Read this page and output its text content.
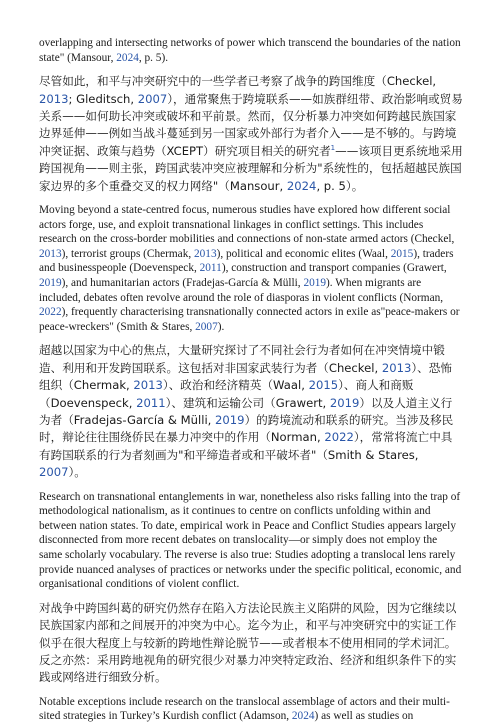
overlapping and intersecting networks of power which transcend the boundaries of the nation state" (Mansour, 2024, p. 5).

尽管如此，和平与冲突研究中的一些学者已考察了战争的跨国维度（Checkel, 2013; Gleditsch, 2007），通常聚焦于跨境联系——如族群纽带、政治影响或贸易关系——如何助长冲突或破坏和平前景。然而，仅分析暴力冲突如何跨越民族国家边界延伸——例如当战斗蔓延到另一国家或外部行为者介入——是不够的。与跨境冲突证据、政策与趋势（XCEPT）研究项目相关的研究者$^1$——该项目更系统地采用跨国视角——则主张，跨国武装冲突应被理解和分析为"系统性的，包括超越民族国家边界的多个重叠交叉的权力网络"（Mansour, 2024, p. 5）。

Moving beyond a state-centred focus, numerous studies have explored how different social actors forge, use, and exploit transnational linkages in conflict settings. This includes research on the cross-border mobilities and connections of non-state armed actors (Checkel, 2013), terrorist groups (Chermak, 2013), political and economic elites (Waal, 2015), traders and businesspeople (Doevenspeck, 2011), construction and transport companies (Grawert, 2019), and humanitarian actors (Fradejas-García & Mülli, 2019). When migrants are included, debates often revolve around the role of diasporas in violent conflicts (Norman, 2022), frequently characterising transnationally connected actors in exile as"peace-makers or peace-wreckers" (Smith & Stares, 2007).

超越以国家为中心的焦点，大量研究探讨了不同社会行为者如何在冲突情境中锻造、利用和开发跨国联系。这包括对非国家武装行为者（Checkel, 2013）、恐怖组织（Chermak, 2013）、政治和经济精英（Waal, 2015）、商人和商贩（Doevenspeck, 2011）、建筑和运输公司（Grawert, 2019）以及人道主义行为者（Fradejas-García & Mülli, 2019）的跨境流动和联系的研究。当涉及移民时，辩论往往围绕侨民在暴力冲突中的作用（Norman, 2022），常常将流亡中具有跨国联系的行为者刻画为"和平缔造者或和平破坏者"（Smith & Stares, 2007）。

Research on transnational entanglements in war, nonetheless also risks falling into the trap of methodological nationalism, as it continues to centre on conflicts unfolding within and between nation states. To date, empirical work in Peace and Conflict Studies appears largely disconnected from more recent debates on translocality—or simply does not employ the same scholarly vocabulary. The reverse is also true: Studies adopting a translocal lens rarely provide nuanced analyses of practices or networks under the specific political, economic, and organisational conditions of violent conflict.

对战争中跨国纠葛的研究仍然存在陷入方法论民族主义陷阱的风险，因为它继续以民族国家内部和之间展开的冲突为中心。迄今为止，和平与冲突研究中的实证工作似乎在很大程度上与较新的跨地性辩论脱节——或者根本不使用相同的学术词汇。反之亦然：采用跨地视角的研究很少对暴力冲突特定政治、经济和组织条件下的实践或网络进行细致分析。

Notable exceptions include research on the translocal assemblage of actors and their multi-sited strategies in Turkey’s Kurdish conflict (Adamson, 2024) as well as studies on
